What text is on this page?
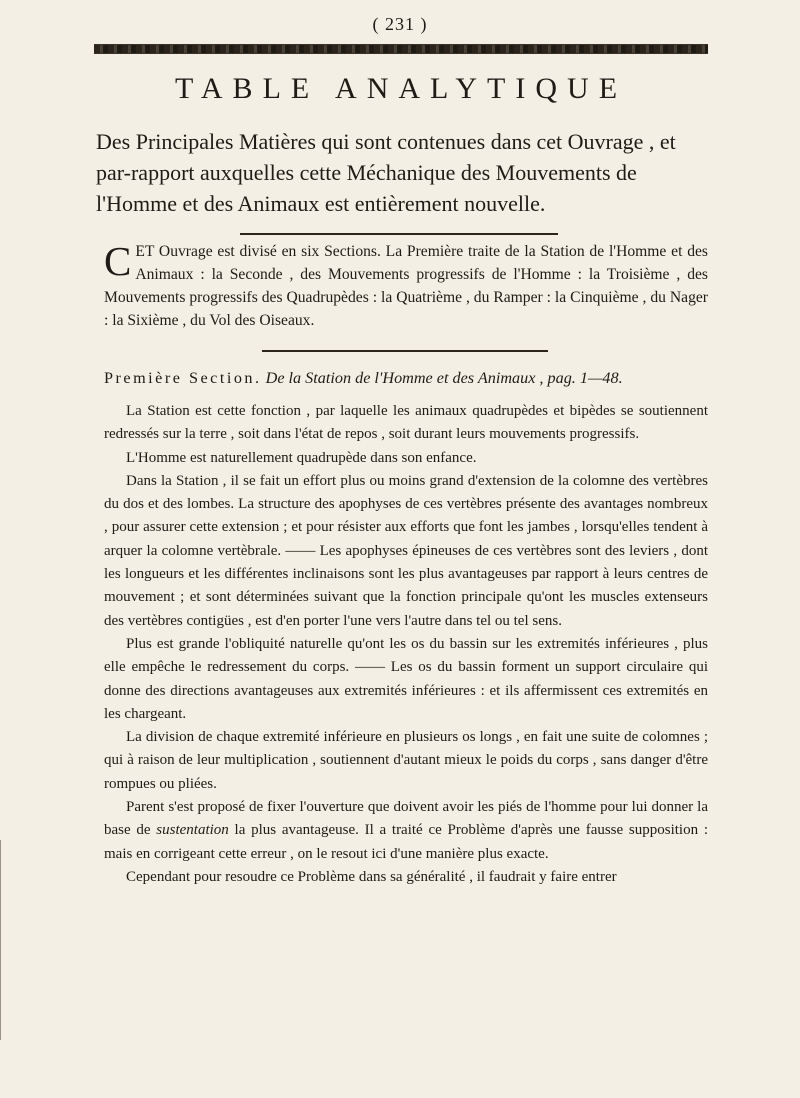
( 231 )
TABLE ANALYTIQUE
Des Principales Matières qui sont contenues dans cet Ouvrage , et par-rapport auxquelles cette Méchanique des Mouvements de l'Homme et des Animaux est entièrement nouvelle.
C ET Ouvrage est divisé en six Sections. La Première traite de la Station de l'Homme et des Animaux : la Seconde , des Mouvements progressifs de l'Homme : la Troisième , des Mouvements progressifs des Quadrupèdes : la Quatrième , du Ramper : la Cinquième , du Nager : la Sixième , du Vol des Oiseaux.
Première Section. De la Station de l'Homme et des Animaux , pag. 1—48.

La Station est cette fonction , par laquelle les animaux quadrupèdes et bipèdes se soutiennent redressés sur la terre , soit dans l'état de repos , soit durant leurs mouvements progressifs.

L'Homme est naturellement quadrupède dans son enfance.

Dans la Station , il se fait un effort plus ou moins grand d'extension de la colomne des vertèbres du dos et des lombes. La structure des apophyses de ces vertèbres présente des avantages nombreux , pour assurer cette extension ; et pour résister aux efforts que font les jambes , lorsqu'elles tendent à arquer la colomne vertèbrale. —— Les apophyses épineuses de ces vertèbres sont des leviers , dont les longueurs et les différentes inclinaisons sont les plus avantageuses par rapport à leurs centres de mouvement ; et sont déterminées suivant que la fonction principale qu'ont les muscles extenseurs des vertèbres contigües , est d'en porter l'une vers l'autre dans tel ou tel sens.

Plus est grande l'obliquité naturelle qu'ont les os du bassin sur les extremités inférieures , plus elle empêche le redressement du corps. —— Les os du bassin forment un support circulaire qui donne des directions avantageuses aux extremités inférieures : et ils affermissent ces extremités en les chargeant.

La division de chaque extremité inférieure en plusieurs os longs , en fait une suite de colomnes ; qui à raison de leur multiplication , soutiennent d'autant mieux le poids du corps , sans danger d'être rompues ou pliées.

Parent s'est proposé de fixer l'ouverture que doivent avoir les piés de l'homme pour lui donner la base de sustentation la plus avantageuse. Il a traité ce Problème d'après une fausse supposition : mais en corrigeant cette erreur , on le resout ici d'une manière plus exacte.

Cependant pour resoudre ce Problème dans sa généralité , il faudrait y faire entrer
